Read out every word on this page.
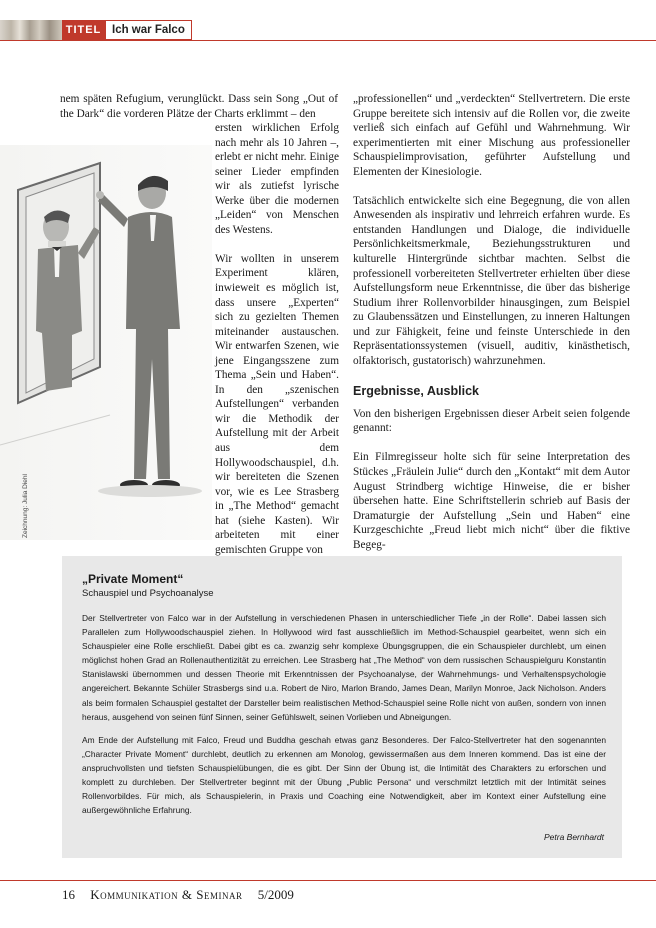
TITEL Ich war Falco
nem späten Refugium, verunglückt. Dass sein Song „Out of the Dark“ die vorderen Plätze der Charts erklimmt – den

ersten wirklichen Erfolg nach mehr als 10 Jahren –, erlebt er nicht mehr. Einige seiner Lieder empfinden wir als zutiefst lyrische Werke über die modernen „Leiden“ von Menschen des Westens.

Wir wollten in unserem Experiment klären, inwieweit es möglich ist, dass unsere „Experten“ sich zu gezielten Themen miteinander austauschen. Wir entwarfen Szenen, wie jene Eingangsszene zum Thema „Sein und Haben“. In den „szenischen Aufstellungen“ verbanden wir die Methodik der Aufstellung mit der Arbeit aus dem Hollywoodschauspiel, d.h. wir bereiteten die Szenen vor, wie es Lee Strasberg in „The Method“ gemacht hat (siehe Kasten). Wir arbeiteten mit einer gemischten Gruppe von

Zeichnung: Julia Diehl

„professionellen“ und „verdeckten“ Stellvertretern. Die erste Gruppe bereitete sich intensiv auf die Rollen vor, die zweite verließ sich einfach auf Gefühl und Wahrnehmung. Wir experimentierten mit einer Mischung aus professioneller Schauspielimprovisation, geführter Aufstellung und Elementen der Kinesiologie.

Tatsächlich entwickelte sich eine Begegnung, die von allen Anwesenden als inspirativ und lehrreich erfahren wurde. Es entstanden Handlungen und Dialoge, die individuelle Persönlichkeitsmerkmale, Beziehungsstrukturen und kulturelle Hintergründe sichtbar machten. Selbst die professionell vorbereiteten Stellvertreter erhielten über diese Aufstellungsform neue Erkenntnisse, die über das bisherige Studium ihrer Rollenvorbilder hinausgingen, zum Beispiel zu Glaubenssätzen und Einstellungen, zu inneren Haltungen und zur Fähigkeit, feine und feinste Unterschiede in den Repräsentationssystemen (visuell, auditiv, kinästhetisch, olfaktorisch, gustatorisch) wahrzunehmen.

Ergebnisse, Ausblick

Von den bisherigen Ergebnissen dieser Arbeit seien folgende genannt:

Ein Filmregisseur holte sich für seine Interpretation des Stückes „Fräulein Julie“ durch den „Kontakt“ mit dem Autor August Strindberg wichtige Hinweise, die er bisher übersehen hatte. Eine Schriftstellerin schrieb auf Basis der Dramaturgie der Aufstellung „Sein und Haben“ eine Kurzgeschichte „Freud liebt mich nicht“ über die fiktive Begeg-

„Private Moment“
Schauspiel und Psychoanalyse

Der Stellvertreter von Falco war in der Aufstellung in verschiedenen Phasen in unterschiedlicher Tiefe „in der Rolle“. Dabei lassen sich Parallelen zum Hollywoodschauspiel ziehen. In Hollywood wird fast ausschließlich im Method-Schauspiel gearbeitet, wenn sich ein Schauspieler eine Rolle erschließt. Dabei gibt es ca. zwanzig sehr komplexe Übungsgruppen, die ein Schauspieler durchlebt, um einen möglichst hohen Grad an Rollenauthentizität zu erreichen. Lee Strasberg hat „The Method“ von dem russischen Schauspielguru Konstantin Stanislawski übernommen und dessen Theorie mit Erkenntnissen der Psychoanalyse, der Wahrnehmungs- und Verhaltenspsychologie angereichert. Bekannte Schüler Strasbergs sind u.a. Robert de Niro, Marlon Brando, James Dean, Marilyn Monroe, Jack Nicholson. Anders als beim formalen Schauspiel gestaltet der Darsteller beim realistischen Method-Schauspiel seine Rolle nicht von außen, sondern von innen heraus, ausgehend von seinen fünf Sinnen, seiner Gefühlswelt, seinen Vorlieben und Abneigungen.

Am Ende der Aufstellung mit Falco, Freud und Buddha geschah etwas ganz Besonderes. Der Falco-Stellvertreter hat den sogenannten „Character Private Moment“ durchlebt, deutlich zu erkennen am Monolog, gewissermaßen aus dem Inneren kommend. Das ist eine der anspruchvollsten und tiefsten Schauspielübungen, die es gibt. Der Sinn der Übung ist, die Intimität des Charakters zu erforschen und komplett zu durchleben. Der Stellvertreter beginnt mit der Übung „Public Persona“ und verschmilzt letztlich mit der Intimität seines Rollenvorbildes. Für mich, als Schauspielerin, in Praxis und Coaching eine Notwendigkeit, aber im Kontext einer Aufstellung eine außergewöhnliche Erfahrung.

Petra Bernhardt
16 Kommunikation & Seminar 5/2009
